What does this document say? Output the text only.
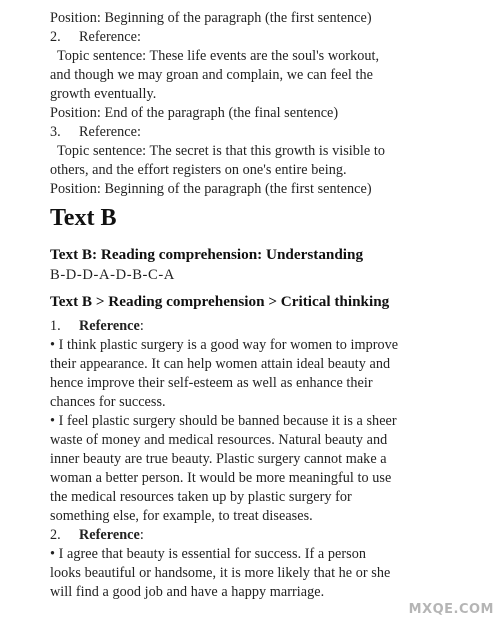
Position: Beginning of the paragraph (the first sentence)
2. Reference:
Topic sentence: These life events are the soul's workout,
and though we may groan and complain, we can feel the
growth eventually.
Position: End of the paragraph (the final sentence)
3. Reference:
Topic sentence: The secret is that this growth is visible to
others, and the effort registers on one's entire being.
Position: Beginning of the paragraph (the first sentence)
Text B
Text B: Reading comprehension: Understanding
B-D-D-A-D-B-C-A
Text B > Reading comprehension > Critical thinking
1. Reference:
• I think plastic surgery is a good way for women to improve
their appearance. It can help women attain ideal beauty and
hence improve their self-esteem as well as enhance their
chances for success.
• I feel plastic surgery should be banned because it is a sheer
waste of money and medical resources. Natural beauty and
inner beauty are true beauty. Plastic surgery cannot make a
woman a better person. It would be more meaningful to use
the medical resources taken up by plastic surgery for
something else, for example, to treat diseases.
2. Reference:
• I agree that beauty is essential for success. If a person
looks beautiful or handsome, it is more likely that he or she
will find a good job and have a happy marriage.
MXQE.COM
